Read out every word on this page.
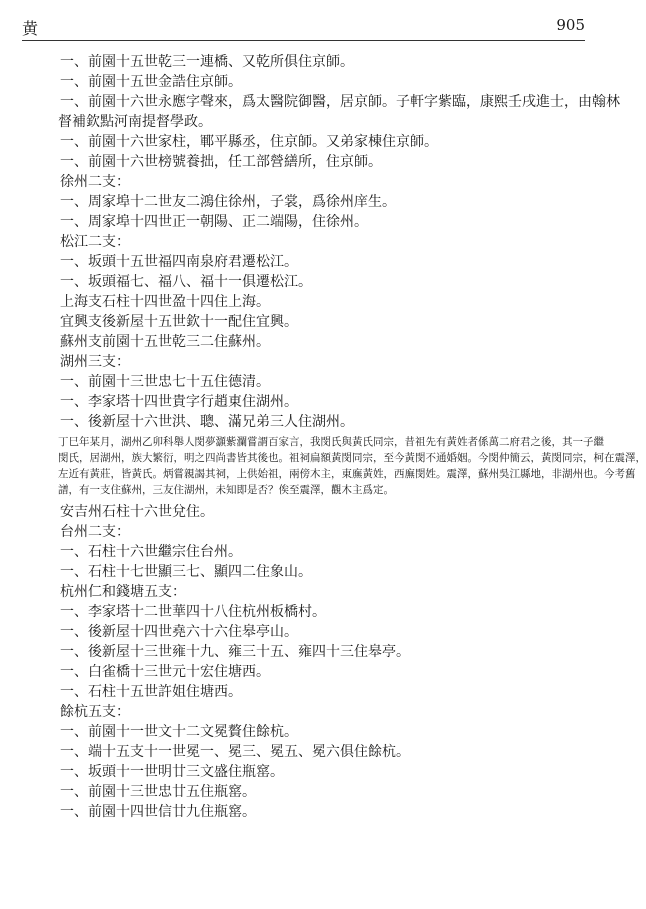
黄	905
一、前園十五世乾三一連橋、又乾所俱住京師。
一、前園十五世金誥住京師。
一、前園十六世永應字聲來，爲太醫院御醫，居京師。子軒字紫臨，康熙壬戌進士，由翰林
督補欽點河南提督學政。
一、前園十六世家柱，鄆平縣丞，住京師。又弟家棟住京師。
一、前園十六世榜號養拙，任工部營繕所，住京師。
徐州二支：
一、周家埠十二世友二鴻住徐州，子裳，爲徐州庠生。
一、周家埠十四世正一朝陽、正二端陽，住徐州。
松江二支：
一、坂頭十五世福四南泉府君遷松江。
一、坂頭福七、福八、福十一俱遷松江。
上海支石柱十四世盈十四住上海。
宜興支後新屋十五世欽十一配住宜興。
蘇州支前園十五世乾三二住蘇州。
湖州三支：
一、前園十三世忠七十五住德清。
一、李家塔十四世貴字行趙東住湖州。
一、後新屋十六世洪、聰、滿兄弟三人住湖州。
丁巳年某月，湖州乙卯科舉人閔夢灝紫瀾嘗謂百家言，我閔氏與黃氏同宗，昔祖先有黃姓者係萬二府君之後，其一子繼
閔氏，居湖州，族大繁衍，明之四尚書皆其後也。祖祠扁額黃閔同宗，至今黃閔不通婚姻。今閔仲簡云，黃閔同宗，柯在震澤，
左近有黃莊，皆黃氏。炳嘗親謁其祠，上供始祖，兩傍木主，東廡黃姓，西廡閔姓。震澤，蘇州吳江縣地，非湖州也。今考舊
譜，有一支住蘇州，三友住湖州，未知即是否？俟至震澤，觀木主爲定。
安吉州石柱十六世兌住。
台州二支：
一、石柱十六世繼宗住台州。
一、石柱十七世顯三七、顯四二住象山。
杭州仁和錢塘五支：
一、李家塔十二世華四十八住杭州板橋村。
一、後新屋十四世堯六十六住皋亭山。
一、後新屋十三世雍十九、雍三十五、雍四十三住皋亭。
一、白雀橋十三世元十宏住塘西。
一、石柱十五世許姐住塘西。
餘杭五支：
一、前園十一世文十二文冕贅住餘杭。
一、端十五支十一世冕一、冕三、冕五、冕六俱住餘杭。
一、坂頭十一世明廿三文盛住瓶窰。
一、前園十三世忠廿五住瓶窰。
一、前園十四世信廿九住瓶窰。
